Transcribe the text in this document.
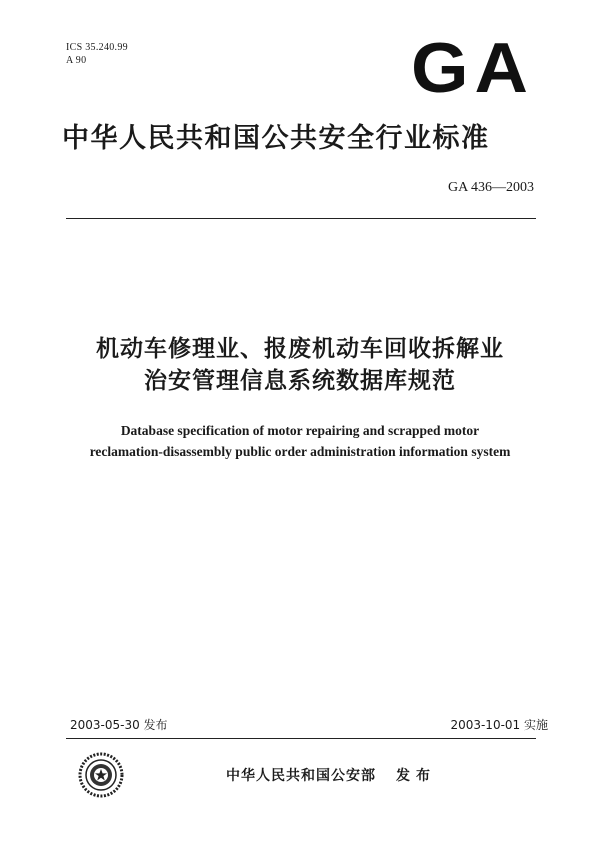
ICS 35.240.99
A 90	GA
中华人民共和国公共安全行业标准
GA 436—2003
机动车修理业、报废机动车回收拆解业
治安管理信息系统数据库规范
Database specification of motor repairing and scrapped motor
reclamation-disassembly public order administration information system
2003-05-30 发布	2003-10-01 实施
中华人民共和国公安部 发布
